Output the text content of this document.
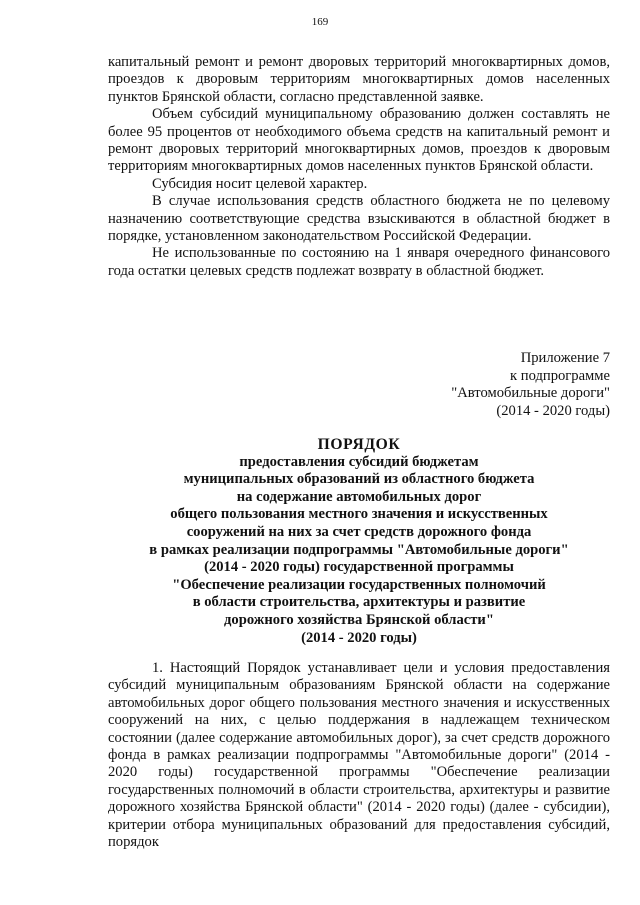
169

капитальный ремонт и ремонт дворовых территорий многоквартирных домов, проездов к дворовым территориям многоквартирных домов населенных пунктов Брянской области, согласно представленной заявке.

Объем субсидий муниципальному образованию должен составлять не более 95 процентов от необходимого объема средств на капитальный ремонт и ремонт дворовых территорий многоквартирных домов, проездов к дворовым территориям многоквартирных домов населенных пунктов Брянской области.

Субсидия носит целевой характер.

В случае использования средств областного бюджета не по целевому назначению соответствующие средства взыскиваются в областной бюджет в порядке, установленном законодательством Российской Федерации.

Не использованные по состоянию на 1 января очередного финансового года остатки целевых средств подлежат возврату в областной бюджет.

Приложение 7
к подпрограмме
"Автомобильные дороги"
(2014 - 2020 годы)
ПОРЯДОК
предоставления субсидий бюджетам
муниципальных образований из областного бюджета
на содержание автомобильных дорог
общего пользования местного значения и искусственных
сооружений на них за счет средств дорожного фонда
в рамках реализации подпрограммы "Автомобильные дороги"
(2014 - 2020 годы) государственной программы
"Обеспечение реализации государственных полномочий
в области строительства, архитектуры и развитие
дорожного хозяйства Брянской области"
(2014 - 2020 годы)

1. Настоящий Порядок устанавливает цели и условия предоставления субсидий муниципальным образованиям Брянской области на содержание автомобильных дорог общего пользования местного значения и искусственных сооружений на них, с целью поддержания в надлежащем техническом состоянии (далее содержание автомобильных дорог), за счет средств дорожного фонда в рамках реализации подпрограммы "Автомобильные дороги" (2014 - 2020 годы) государственной программы "Обеспечение реализации государственных полномочий в области строительства, архитектуры и развитие дорожного хозяйства Брянской области" (2014 - 2020 годы) (далее - субсидии), критерии отбора муниципальных образований для предоставления субсидий, порядок
